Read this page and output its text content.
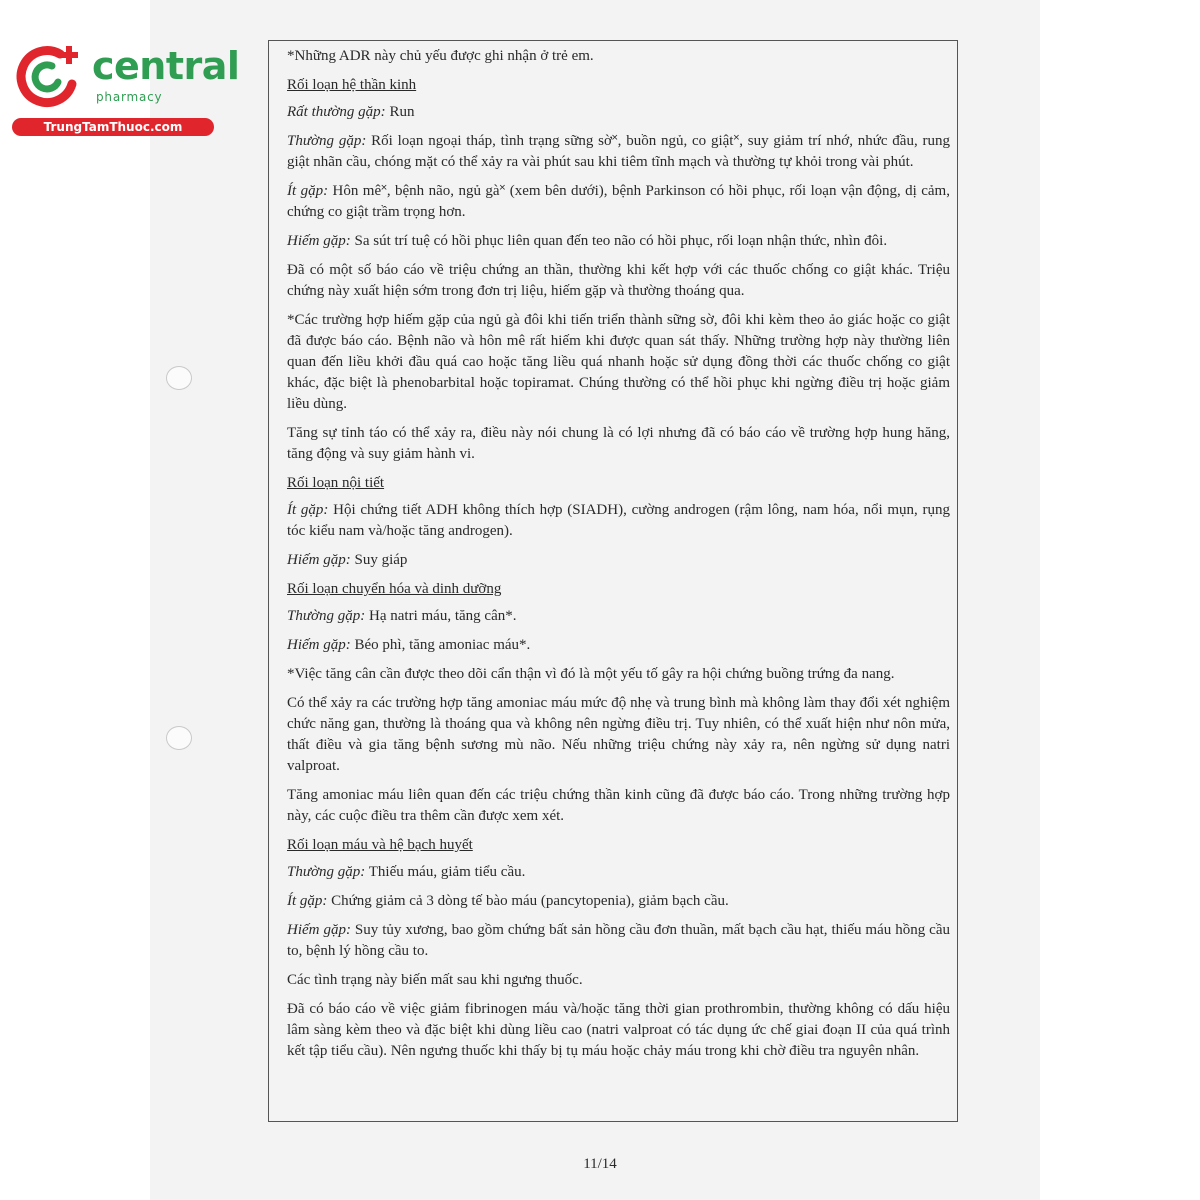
central
pharmacy
TrungTamThuoc.com
*Những ADR này chủ yếu được ghi nhận ở trẻ em.
Rối loạn hệ thần kinh
Rất thường gặp: Run
Thường gặp: Rối loạn ngoại tháp, tình trạng sững sờ˟, buồn ngủ, co giật˟, suy giảm trí nhớ, nhức đầu, rung giật nhãn cầu, chóng mặt có thể xảy ra vài phút sau khi tiêm tĩnh mạch và thường tự khỏi trong vài phút.
Ít gặp: Hôn mê˟, bệnh não, ngủ gà˟ (xem bên dưới), bệnh Parkinson có hồi phục, rối loạn vận động, dị cảm, chứng co giật trầm trọng hơn.
Hiếm gặp: Sa sút trí tuệ có hồi phục liên quan đến teo não có hồi phục, rối loạn nhận thức, nhìn đôi.
Đã có một số báo cáo về triệu chứng an thần, thường khi kết hợp với các thuốc chống co giật khác. Triệu chứng này xuất hiện sớm trong đơn trị liệu, hiếm gặp và thường thoáng qua.
*Các trường hợp hiếm gặp của ngủ gà đôi khi tiến triển thành sững sờ, đôi khi kèm theo ảo giác hoặc co giật đã được báo cáo. Bệnh não và hôn mê rất hiếm khi được quan sát thấy. Những trường hợp này thường liên quan đến liều khởi đầu quá cao hoặc tăng liều quá nhanh hoặc sử dụng đồng thời các thuốc chống co giật khác, đặc biệt là phenobarbital hoặc topiramat. Chúng thường có thể hồi phục khi ngừng điều trị hoặc giảm liều dùng.
Tăng sự tỉnh táo có thể xảy ra, điều này nói chung là có lợi nhưng đã có báo cáo về trường hợp hung hăng, tăng động và suy giảm hành vi.
Rối loạn nội tiết
Ít gặp: Hội chứng tiết ADH không thích hợp (SIADH), cường androgen (rậm lông, nam hóa, nổi mụn, rụng tóc kiểu nam và/hoặc tăng androgen).
Hiếm gặp: Suy giáp
Rối loạn chuyển hóa và dinh dưỡng
Thường gặp: Hạ natri máu, tăng cân*.
Hiếm gặp: Béo phì, tăng amoniac máu*.
*Việc tăng cân cần được theo dõi cẩn thận vì đó là một yếu tố gây ra hội chứng buồng trứng đa nang.
Có thể xảy ra các trường hợp tăng amoniac máu mức độ nhẹ và trung bình mà không làm thay đổi xét nghiệm chức năng gan, thường là thoáng qua và không nên ngừng điều trị. Tuy nhiên, có thể xuất hiện như nôn mửa, thất điều và gia tăng bệnh sương mù não. Nếu những triệu chứng này xảy ra, nên ngừng sử dụng natri valproat.
Tăng amoniac máu liên quan đến các triệu chứng thần kinh cũng đã được báo cáo. Trong những trường hợp này, các cuộc điều tra thêm cần được xem xét.
Rối loạn máu và hệ bạch huyết
Thường gặp: Thiếu máu, giảm tiểu cầu.
Ít gặp: Chứng giảm cả 3 dòng tế bào máu (pancytopenia), giảm bạch cầu.
Hiếm gặp: Suy tủy xương, bao gồm chứng bất sản hồng cầu đơn thuần, mất bạch cầu hạt, thiếu máu hồng cầu to, bệnh lý hồng cầu to.
Các tình trạng này biến mất sau khi ngưng thuốc.
Đã có báo cáo về việc giảm fibrinogen máu và/hoặc tăng thời gian prothrombin, thường không có dấu hiệu lâm sàng kèm theo và đặc biệt khi dùng liều cao (natri valproat có tác dụng ức chế giai đoạn II của quá trình kết tập tiểu cầu). Nên ngưng thuốc khi thấy bị tụ máu hoặc chảy máu trong khi chờ điều tra nguyên nhân.
11/14
